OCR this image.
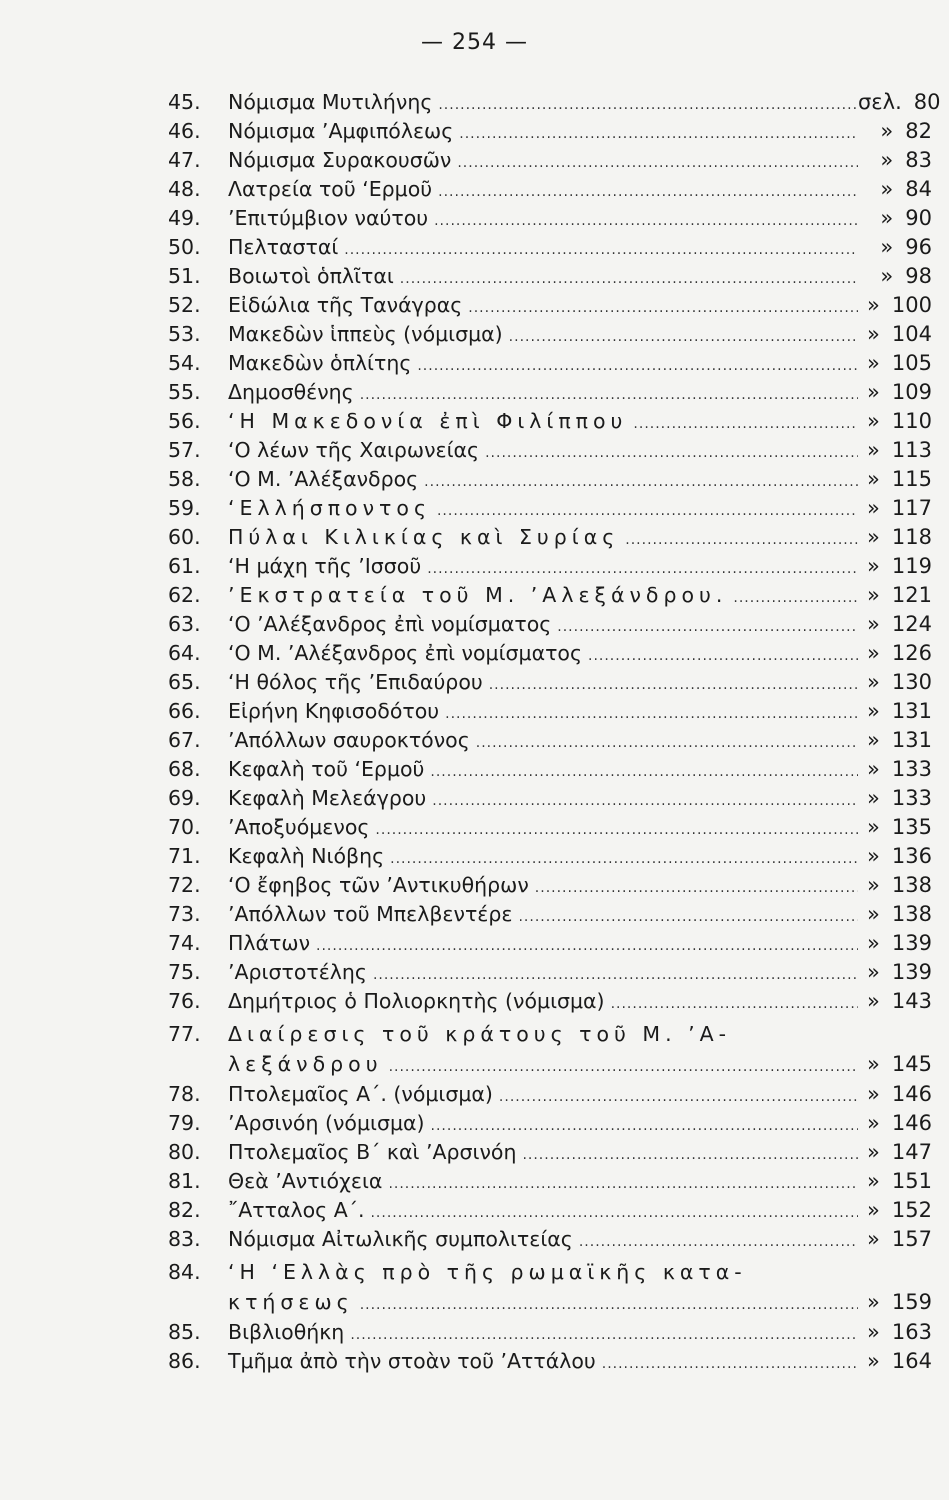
— 254 —
45.	Νόμισμα Μυτιλήνης .....	σελ. 80
46.	Νόμισμα ’Αμφιπόλεως .....	» 82
47.	Νόμισμα Συρακουσῶν .....	» 83
48.	Λατρεία τοῦ ‘Ερμοῦ .....	» 84
49.	’Επιτύμβιον ναύτου .....	» 90
50.	Πελτασταί .....	» 96
51.	Βοιωτοὶ ὁπλῖται .....	» 98
52.	Εἰδώλια τῆς Τανάγρας .....	» 100
53.	Μακεδὼν ἱππεὺς (νόμισμα) .....	» 104
54.	Μακεδὼν ὁπλίτης .....	» 105
55.	Δημοσθένης .....	» 109
56.	‘Η Μακεδονία ἐπὶ Φιλίππου .....	» 110
57.	‘Ο λέων τῆς Χαιρωνείας .....	» 113
58.	‘Ο Μ. ’Αλέξανδρος .....	» 115
59.	‘Ελλήσποντος .....	» 117
60.	Πύλαι Κιλικίας καὶ Συρίας .....	» 118
61.	‘Η μάχη τῆς ’Ισσοῦ .....	» 119
62.	’Εκστρατεία τοῦ Μ. ’Αλεξάνδρου. .....	» 121
63.	‘Ο ’Αλέξανδρος ἐπὶ νομίσματος .....	» 124
64.	‘Ο Μ. ’Αλέξανδρος ἐπὶ νομίσματος .....	» 126
65.	‘Η θόλος τῆς ’Επιδαύρου .....	» 130
66.	Εἰρήνη Κηφισοδότου .....	» 131
67.	’Απόλλων σαυροκτόνος .....	» 131
68.	Κεφαλὴ τοῦ ‘Ερμοῦ .....	» 133
69.	Κεφαλὴ Μελεάγρου .....	» 133
70.	’Αποξυόμενος .....	» 135
71.	Κεφαλὴ Νιόβης .....	» 136
72.	‘Ο ἔφηβος τῶν ’Αντικυθήρων .....	» 138
73.	’Απόλλων τοῦ Μπελβεντέρε .....	» 138
74.	Πλάτων .....	» 139
75.	’Αριστοτέλης .....	» 139
76.	Δημήτριος ὁ Πολιορκητὴς (νόμισμα) .....	» 143
77.	Διαίρεσις τοῦ κράτους τοῦ Μ. ’Α-
λεξάνδρου .....	» 145
78.	Πτολεμαῖος Α΄. (νόμισμα) .....	» 146
79.	’Αρσινόη (νόμισμα) .....	» 146
80.	Πτολεμαῖος Β΄ καὶ ’Αρσινόη .....	» 147
81.	Θεὰ ’Αντιόχεια .....	» 151
82.	῎Ατταλος Α΄. .....	» 152
83.	Νόμισμα Αἰτωλικῆς συμπολιτείας .....	» 157
84.	‘Η ‘Ελλὰς πρὸ τῆς ρωμαϊκῆς κατα-
κτήσεως .....	» 159
85.	Βιβλιοθήκη .....	» 163
86.	Τμῆμα ἀπὸ τὴν στοὰν τοῦ ’Αττάλου .....	» 164
